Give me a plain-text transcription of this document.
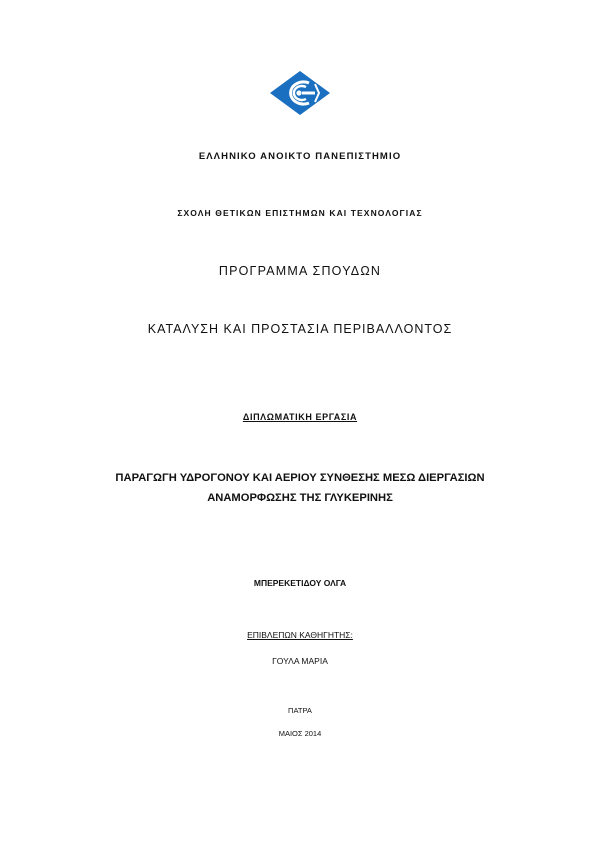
ΕΛΛΗΝΙΚΟ ΑΝΟΙΚΤΟ ΠΑΝΕΠΙΣΤΗΜΙΟ
ΣΧΟΛΗ ΘΕΤΙΚΩΝ ΕΠΙΣΤΗΜΩΝ ΚΑΙ ΤΕΧΝΟΛΟΓΙΑΣ
ΠΡΟΓΡΑΜΜΑ ΣΠΟΥΔΩΝ
ΚΑΤΑΛΥΣΗ ΚΑΙ ΠΡΟΣΤΑΣΙΑ ΠΕΡΙΒΑΛΛΟΝΤΟΣ
ΔΙΠΛΩΜΑΤΙΚΗ ΕΡΓΑΣΙΑ
ΠΑΡΑΓΩΓΗ ΥΔΡΟΓΟΝΟΥ ΚΑΙ ΑΕΡΙΟΥ ΣΥΝΘΕΣΗΣ ΜΕΣΩ ΔΙΕΡΓΑΣΙΩΝ
ΑΝΑΜΟΡΦΩΣΗΣ ΤΗΣ ΓΛΥΚΕΡΙΝΗΣ
ΜΠΕΡΕΚΕΤΙΔΟΥ ΟΛΓΑ
ΕΠΙΒΛΕΠΩΝ ΚΑΘΗΓΗΤΗΣ:
ΓΟΥΛΑ ΜΑΡΙΑ
ΠΑΤΡΑ
ΜΑΙΟΣ 2014
